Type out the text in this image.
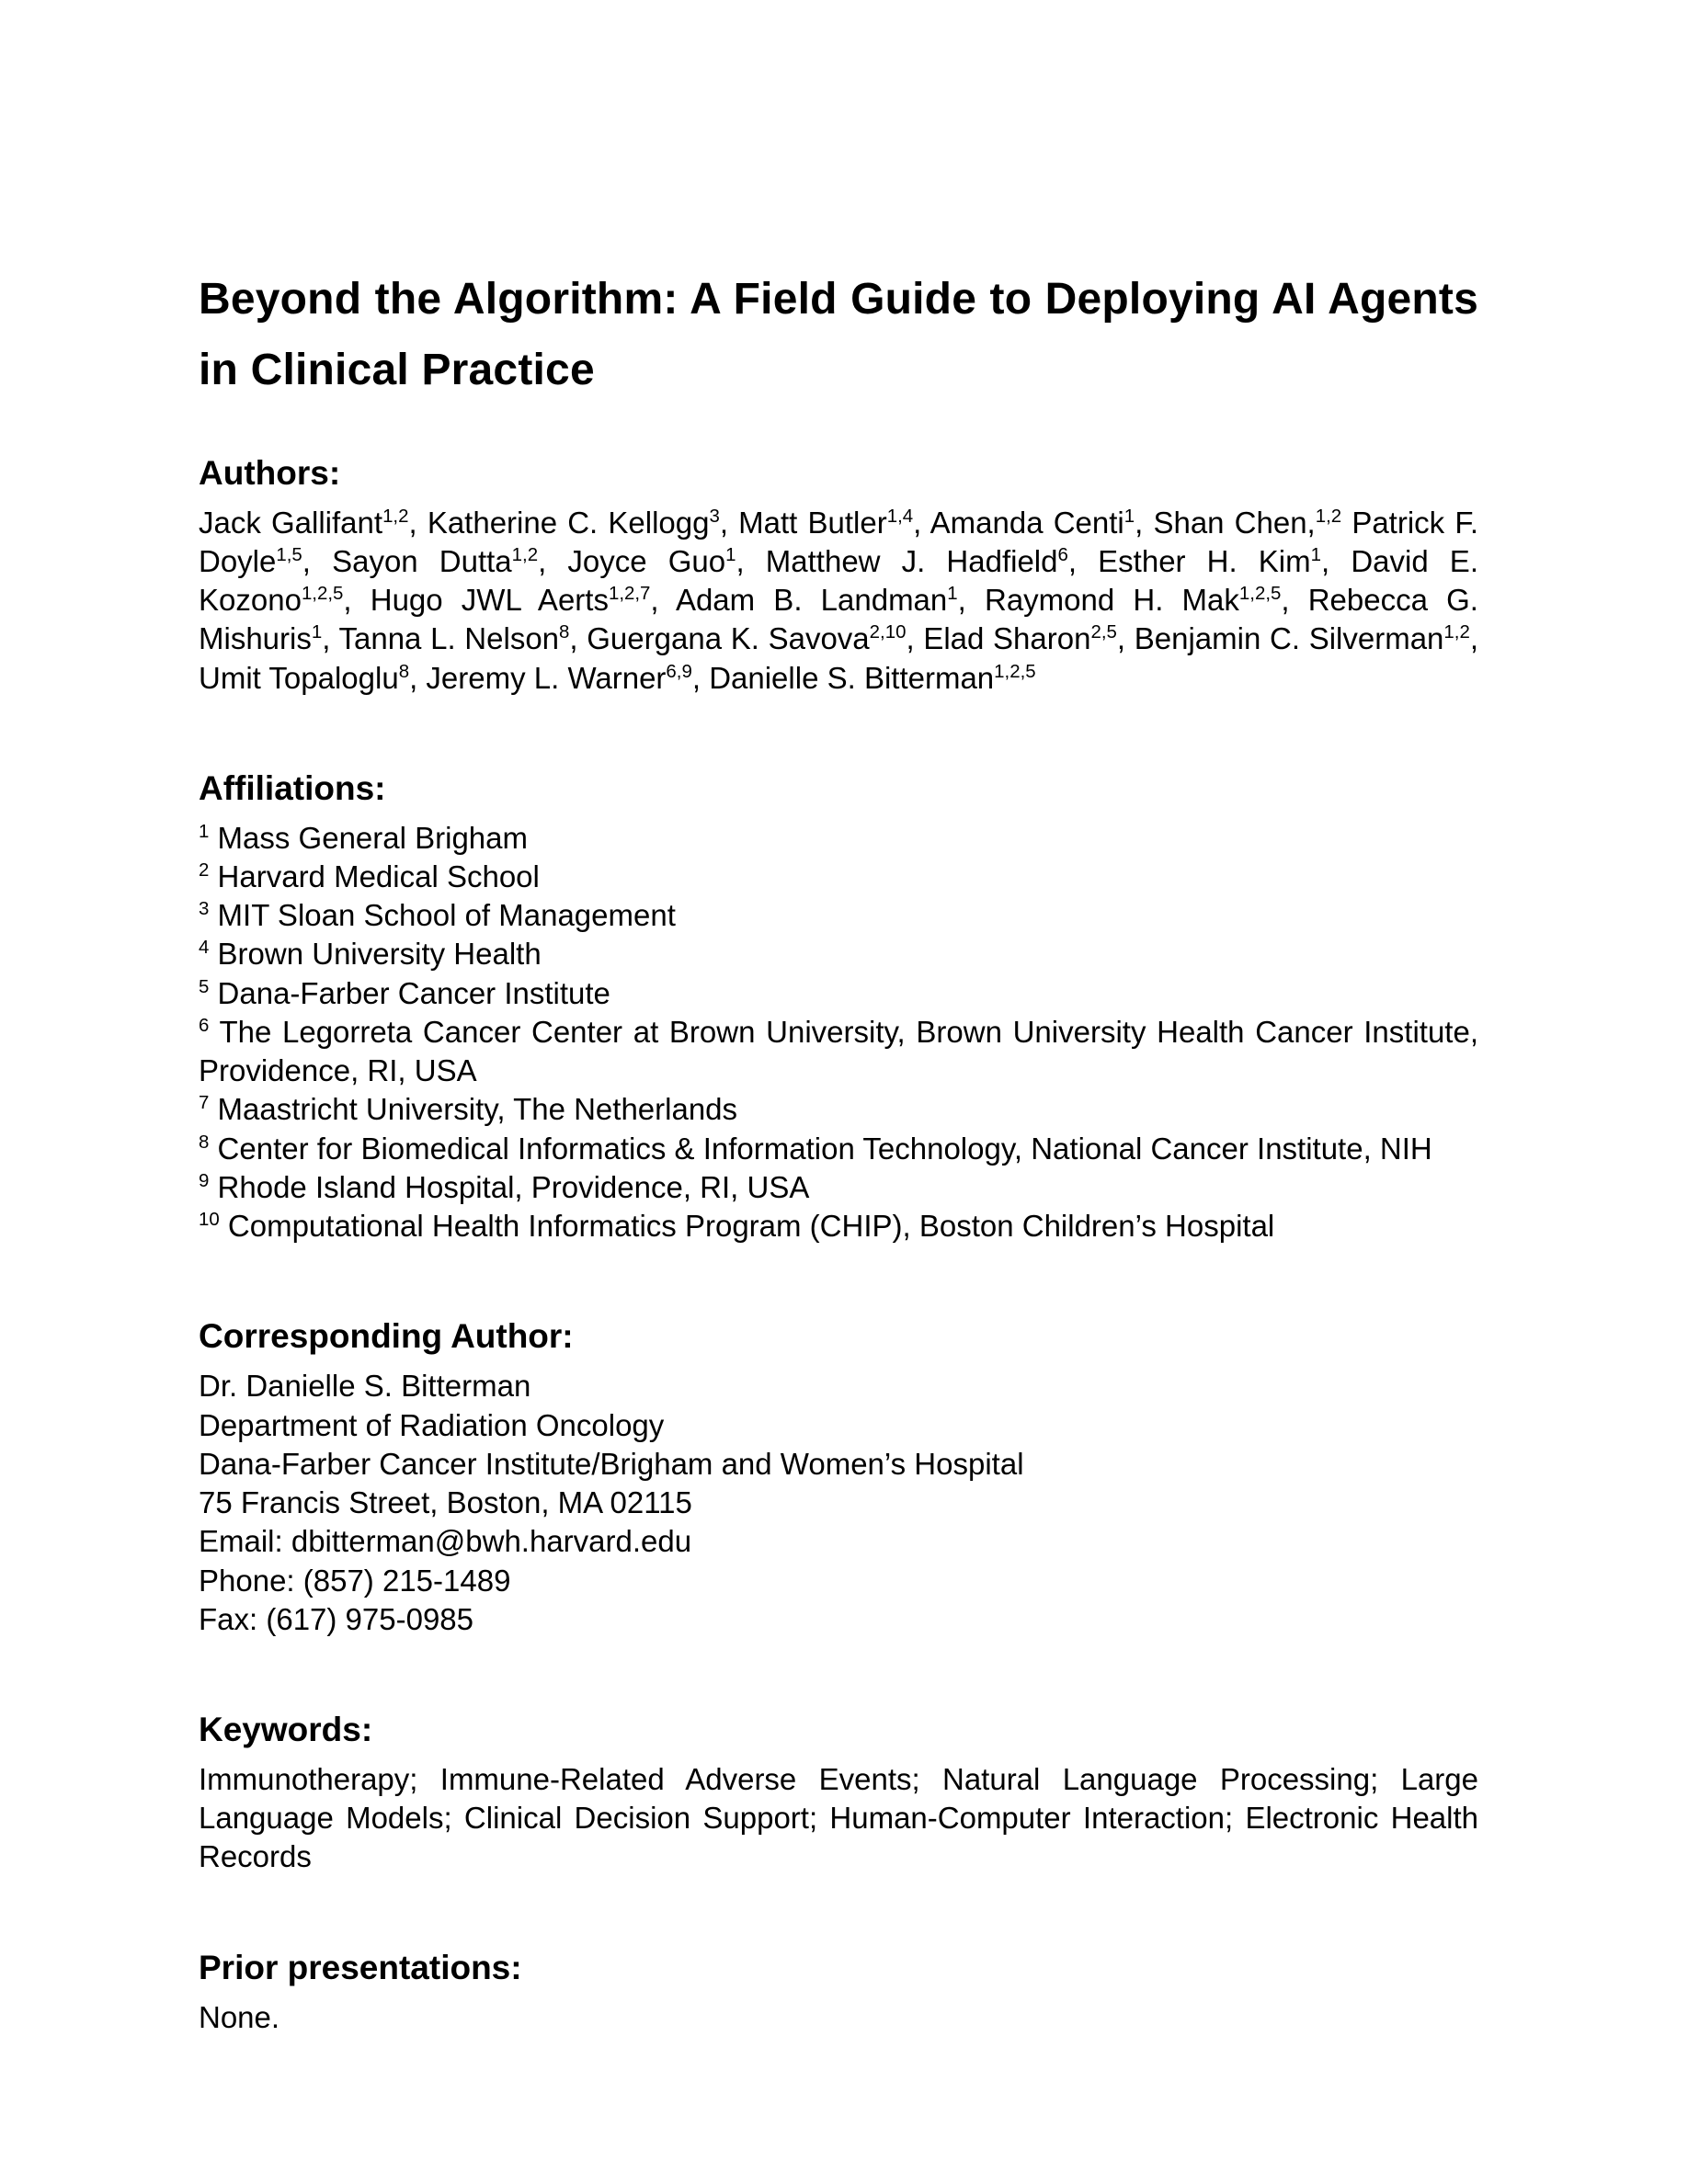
Beyond the Algorithm: A Field Guide to Deploying AI Agents in Clinical Practice
Authors:

Jack Gallifant$^{1,2}$, Katherine C. Kellogg$^3$, Matt Butler$^{1,4}$, Amanda Centi$^1$, Shan Chen,$^{1,2}$ Patrick F. Doyle$^{1,5}$, Sayon Dutta$^{1,2}$, Joyce Guo$^1$, Matthew J. Hadfield$^6$, Esther H. Kim$^1$, David E. Kozono$^{1,2,5}$, Hugo JWL Aerts$^{1,2,7}$, Adam B. Landman$^1$, Raymond H. Mak$^{1,2,5}$, Rebecca G. Mishuris$^1$, Tanna L. Nelson$^8$, Guergana K. Savova$^{2,10}$, Elad Sharon$^{2,5}$, Benjamin C. Silverman$^{1,2}$, Umit Topaloglu$^8$, Jeremy L. Warner$^{6,9}$, Danielle S. Bitterman$^{1,2,5}$

Affiliations:
$^1$ Mass General Brigham
$^2$ Harvard Medical School
$^3$ MIT Sloan School of Management
$^4$ Brown University Health
$^5$ Dana-Farber Cancer Institute
$^6$ The Legorreta Cancer Center at Brown University, Brown University Health Cancer Institute, Providence, RI, USA
$^7$ Maastricht University, The Netherlands
$^8$ Center for Biomedical Informatics & Information Technology, National Cancer Institute, NIH
$^9$ Rhode Island Hospital, Providence, RI, USA
$^{10}$ Computational Health Informatics Program (CHIP), Boston Children’s Hospital
Corresponding Author:
Dr. Danielle S. Bitterman
Department of Radiation Oncology
Dana-Farber Cancer Institute/Brigham and Women’s Hospital
75 Francis Street, Boston, MA 02115
Email: dbitterman@bwh.harvard.edu
Phone: (857) 215-1489
Fax: (617) 975-0985
Keywords:

Immunotherapy; Immune-Related Adverse Events; Natural Language Processing; Large Language Models; Clinical Decision Support; Human-Computer Interaction; Electronic Health Records

Prior presentations:

None.
